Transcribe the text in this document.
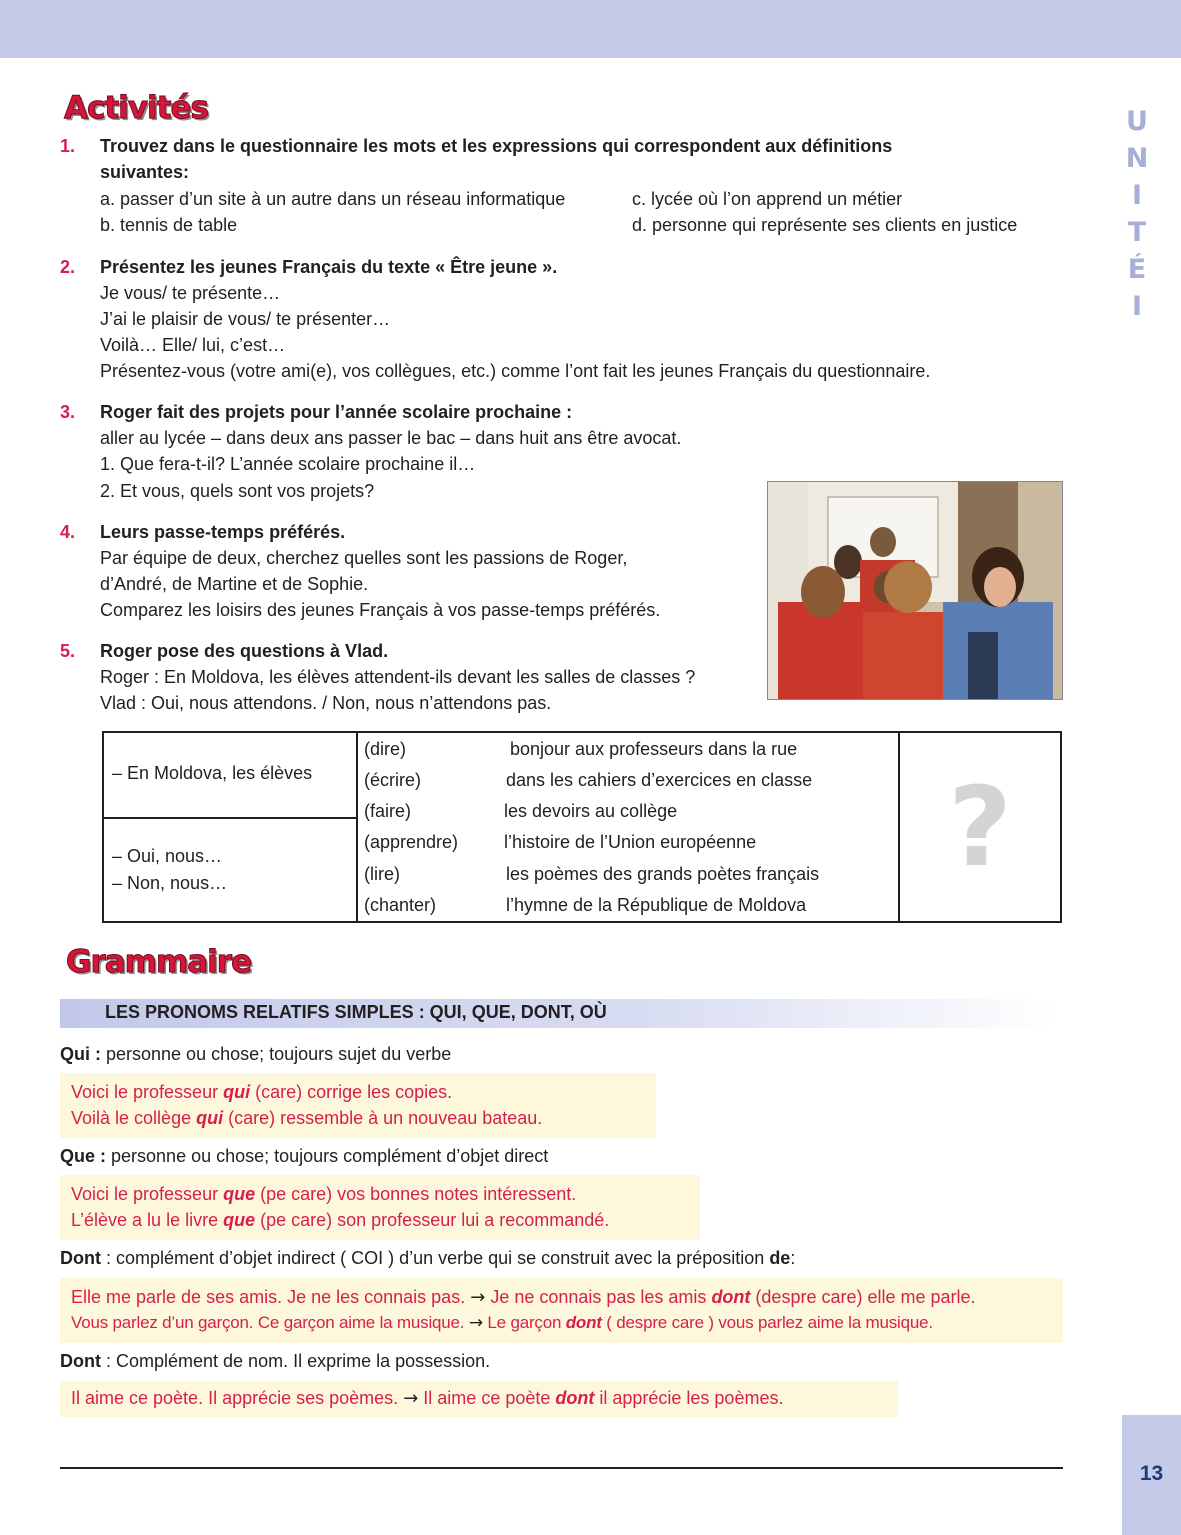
U
N
I
T
É
I
Activités
1. Trouvez dans le questionnaire les mots et les expressions qui correspondent aux définitions
suivantes:
a. passer d’un site à un autre dans un réseau informatique	c. lycée où l’on apprend un métier
b. tennis de table	d. personne qui représente ses clients en justice
2. Présentez les jeunes Français du texte « Être jeune ».
Je vous/ te présente…
J’ai le plaisir de vous/ te présenter…
Voilà… Elle/ lui, c’est…
Présentez-vous (votre ami(e), vos collègues, etc.) comme l’ont fait les jeunes Français du questionnaire.
3. Roger fait des projets pour l’année scolaire prochaine :
aller au lycée – dans deux ans passer le bac – dans huit ans être avocat.
1. Que fera-t-il? L’année scolaire prochaine il…
2. Et vous, quels sont vos projets?
4. Leurs passe-temps préférés.
Par équipe de deux, cherchez quelles sont les passions de Roger,
d’André, de Martine et de Sophie.
Comparez les loisirs des jeunes Français à vos passe-temps préférés.
5. Roger pose des questions à Vlad.
Roger : En Moldova, les élèves attendent-ils devant les salles de classes ?
Vlad : Oui, nous attendons. / Non, nous n’attendons pas.
– En Moldova, les élèves

(dire)	bonjour aux professeurs dans la rue
(écrire)	dans les cahiers d’exercices en classe
(faire)	les devoirs au collège
(apprendre)	l’histoire de l’Union européenne
(lire)	les poèmes des grands poètes français
(chanter)	l’hymne de la République de Moldova
	?

– Oui, nous…
– Non, nous…
Grammaire
LES PRONOMS RELATIFS SIMPLES : QUI, QUE, DONT, OÙ
Qui : personne ou chose; toujours sujet du verbe
Voici le professeur qui (care) corrige les copies.
Voilà le collège qui (care) ressemble à un nouveau bateau.
Que : personne ou chose; toujours complément d’objet direct
Voici le professeur que (pe care) vos bonnes notes intéressent.
L’élève a lu le livre que (pe care) son professeur lui a recommandé.
Dont : complément d’objet indirect ( COI ) d’un verbe qui se construit avec la préposition de:
Elle me parle de ses amis. Je ne les connais pas. → Je ne connais pas les amis dont (despre care) elle me parle.
Vous parlez d’un garçon. Ce garçon aime la musique. → Le garçon dont ( despre care ) vous parlez aime la musique.
Dont : Complément de nom. Il exprime la possession.
Il aime ce poète. Il apprécie ses poèmes. → Il aime ce poète dont il apprécie les poèmes.
13
